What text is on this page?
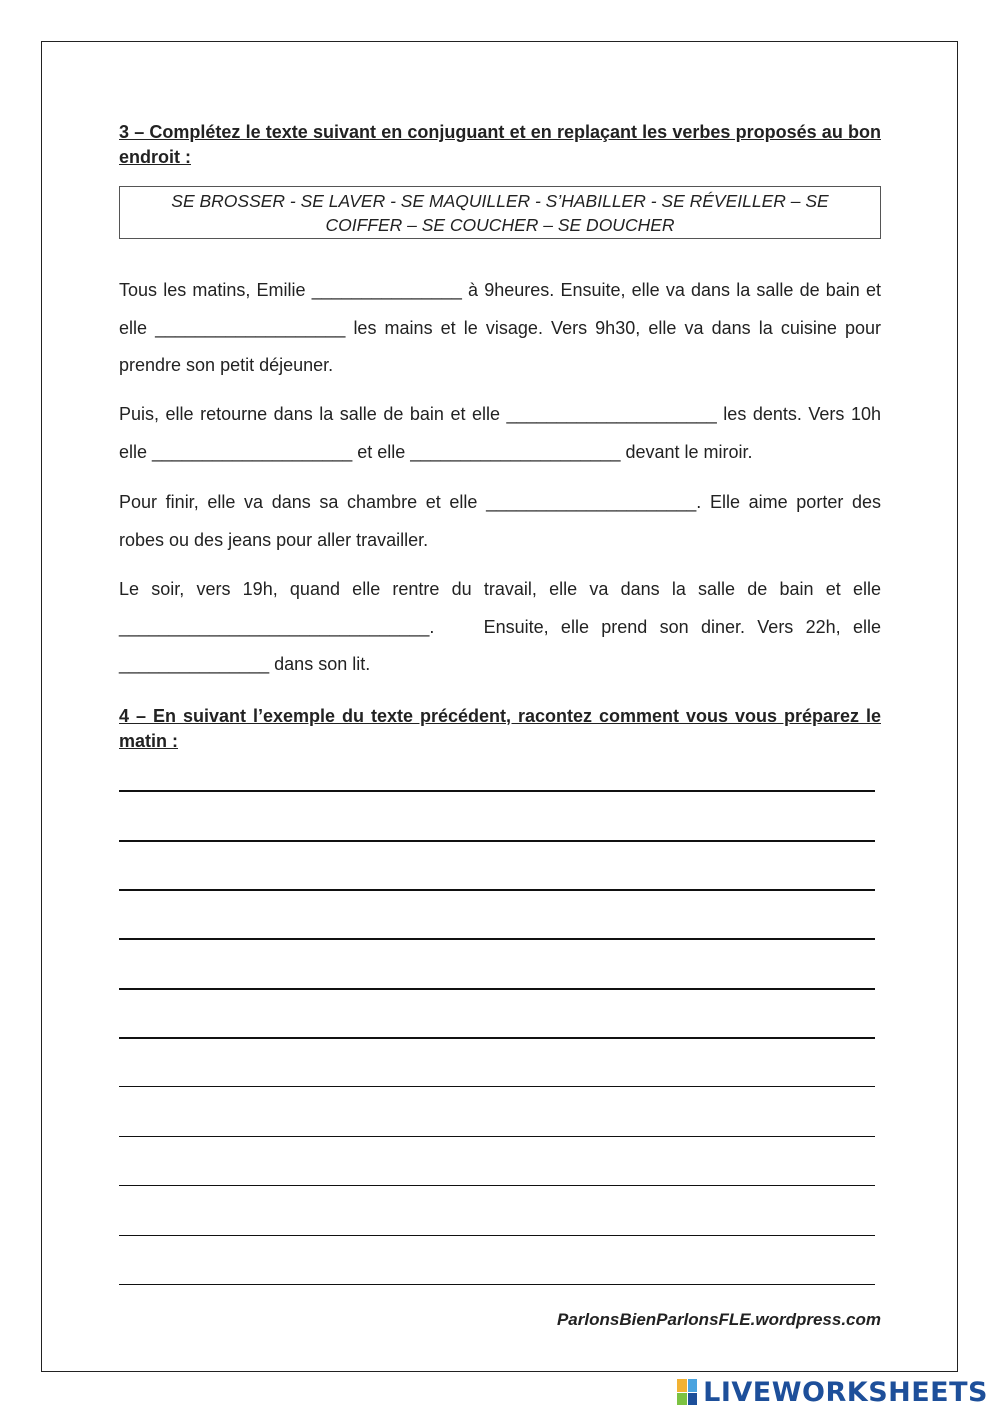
3 – Complétez le texte suivant en conjuguant et en replaçant les verbes proposés au bon endroit :
SE BROSSER - SE LAVER - SE MAQUILLER - S’HABILLER - SE RÉVEILLER – SE
COIFFER – SE COUCHER – SE DOUCHER
Tous les matins, Emilie _______________ à 9heures. Ensuite, elle va dans la salle de bain et elle ___________________ les mains et le visage. Vers 9h30, elle va dans la cuisine pour prendre son petit déjeuner.
Puis, elle retourne dans la salle de bain et elle _____________________ les dents. Vers 10h elle ____________________ et elle _____________________ devant le miroir.
Pour finir, elle va dans sa chambre et elle _____________________. Elle aime porter des robes ou des jeans pour aller travailler.
Le soir, vers 19h, quand elle rentre du travail, elle va dans la salle de bain et elle _______________________________.    Ensuite, elle prend son diner. Vers 22h, elle _______________ dans son lit.
4 – En suivant l’exemple du texte précédent, racontez comment vous vous préparez le matin :
ParlonsBienParlonsFLE.wordpress.com
LIVEWORKSHEETS
